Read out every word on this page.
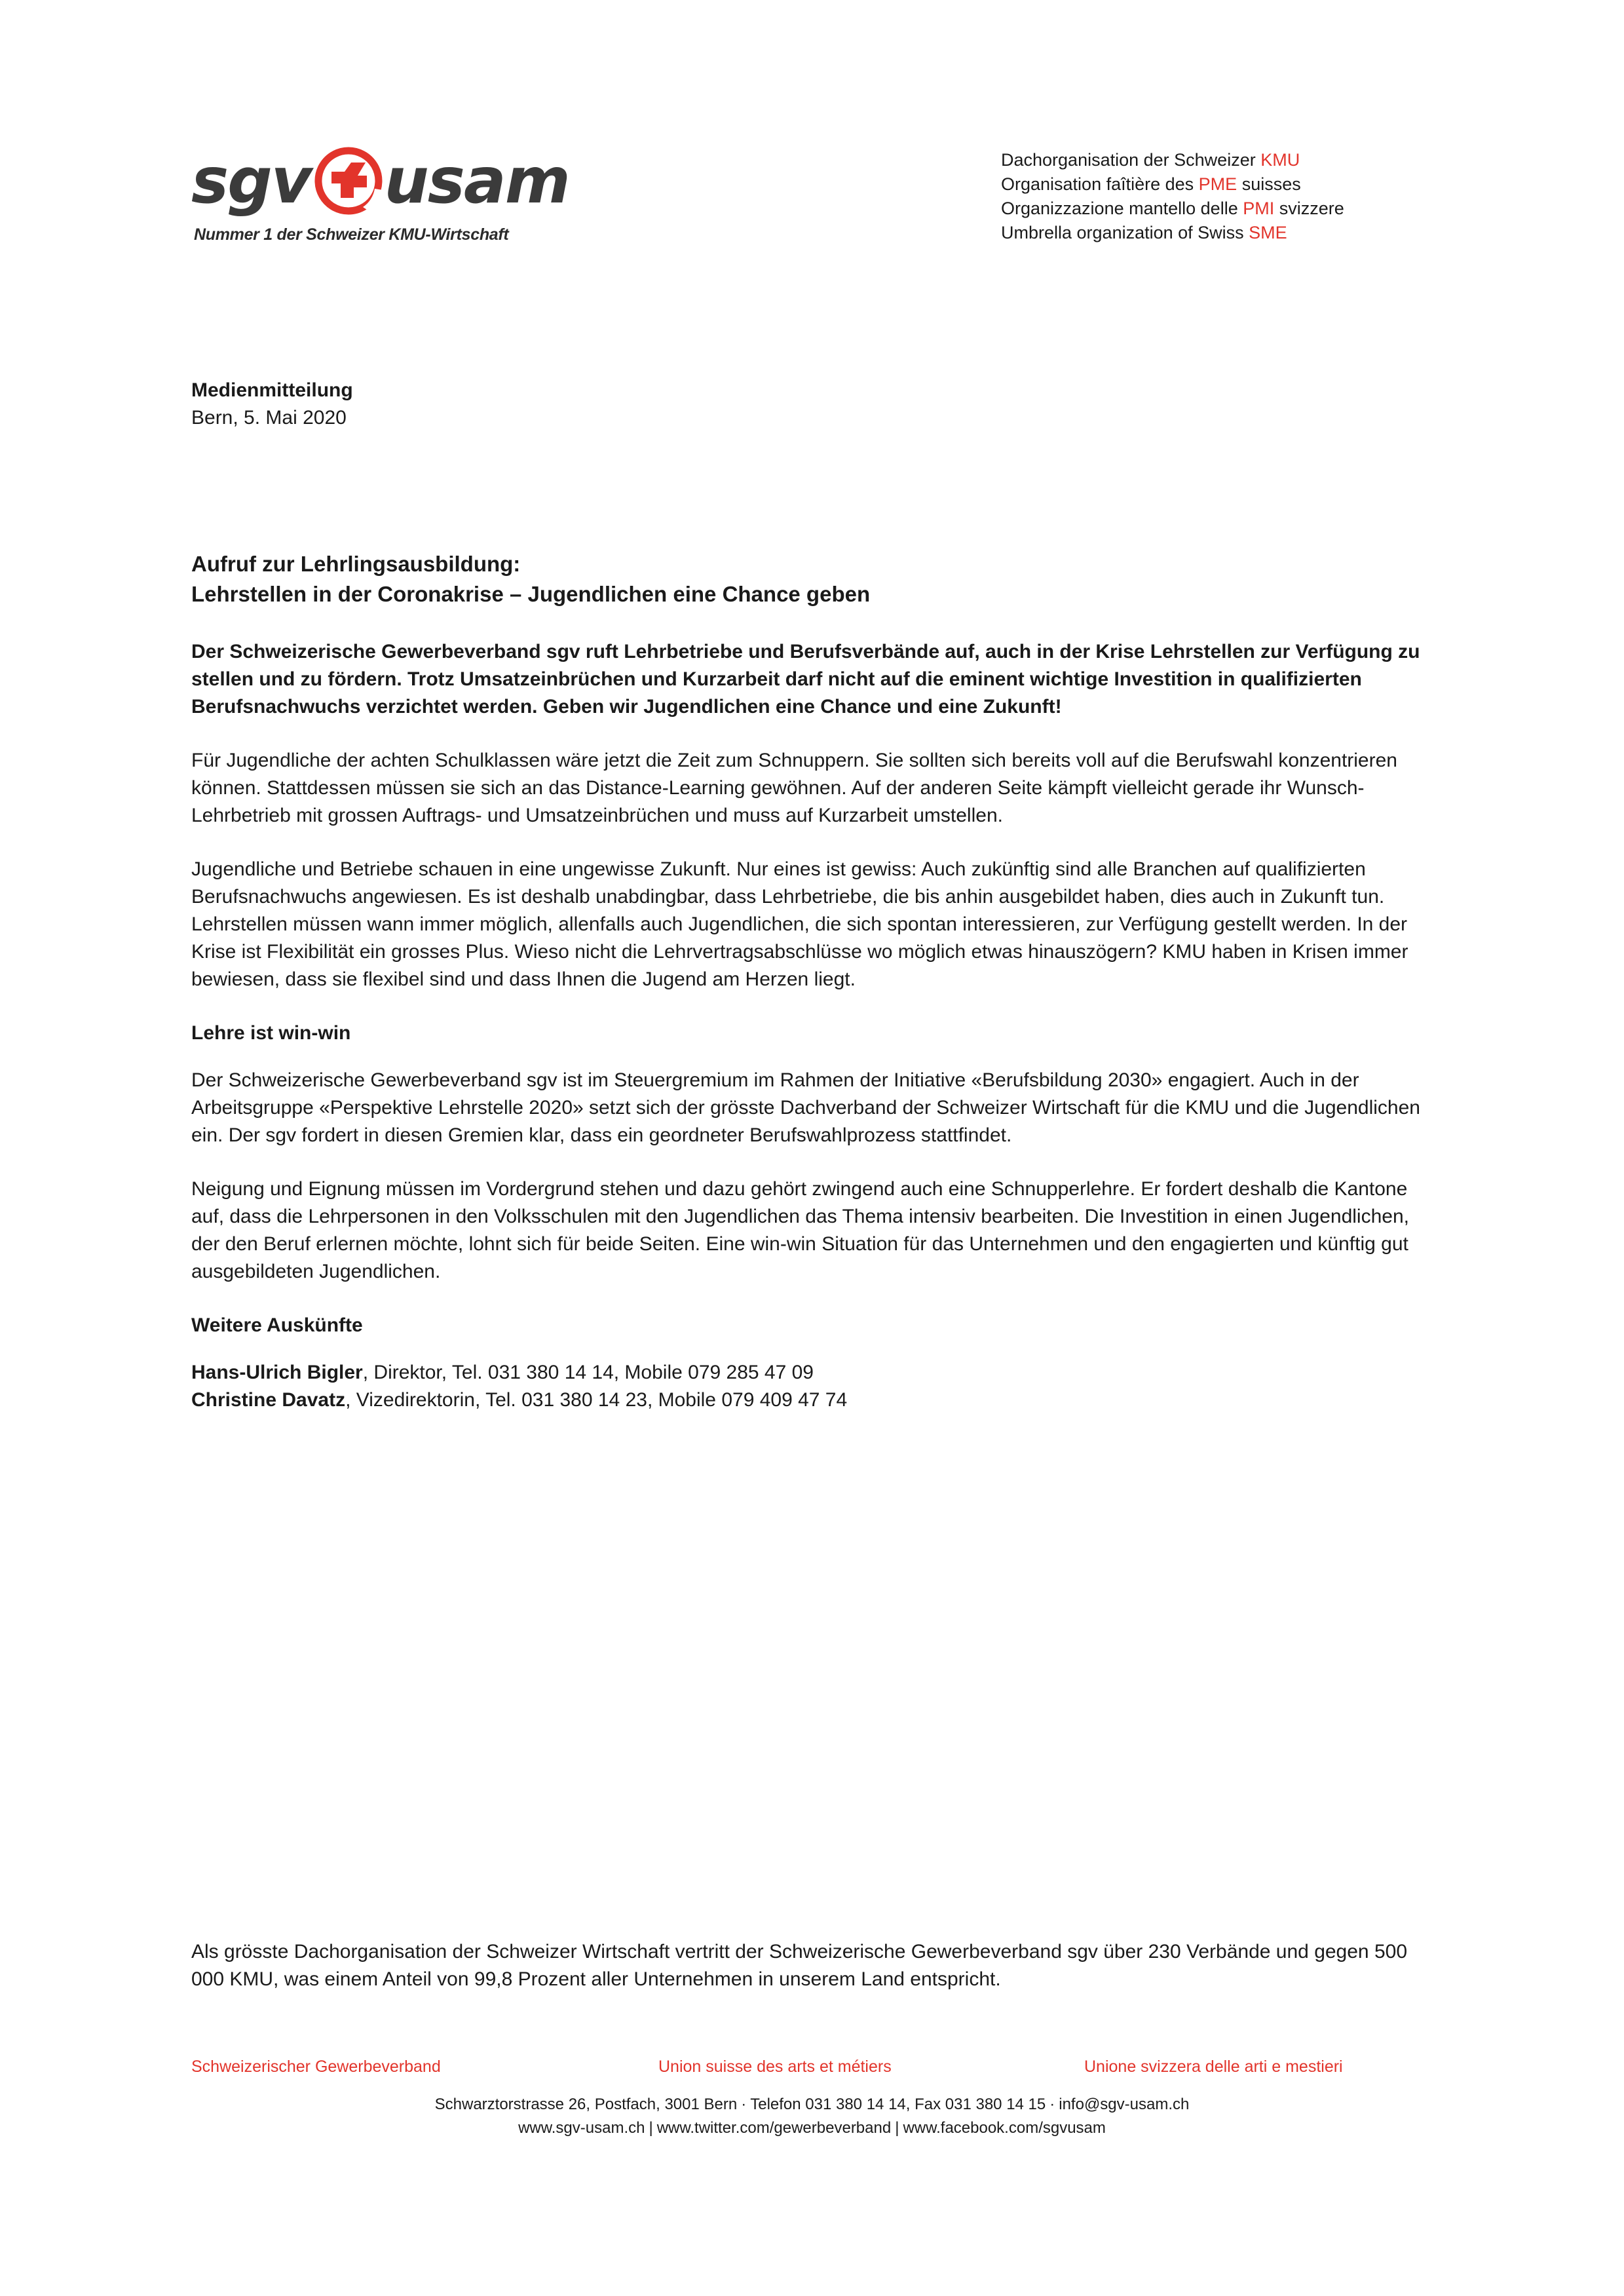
sgv usam
Nummer 1 der Schweizer KMU-Wirtschaft
Dachorganisation der Schweizer KMU
Organisation faîtière des PME suisses
Organizzazione mantello delle PMI svizzere
Umbrella organization of Swiss SME
Medienmitteilung
Bern, 5. Mai 2020
Aufruf zur Lehrlingsausbildung:
Lehrstellen in der Coronakrise – Jugendlichen eine Chance geben
Der Schweizerische Gewerbeverband sgv ruft Lehrbetriebe und Berufsverbände auf, auch in der Krise Lehrstellen zur Verfügung zu stellen und zu fördern. Trotz Umsatzeinbrüchen und Kurzarbeit darf nicht auf die eminent wichtige Investition in qualifizierten Berufsnachwuchs verzichtet werden. Geben wir Jugendlichen eine Chance und eine Zukunft!

Für Jugendliche der achten Schulklassen wäre jetzt die Zeit zum Schnuppern. Sie sollten sich bereits voll auf die Berufswahl konzentrieren können. Stattdessen müssen sie sich an das Distance-Learning gewöhnen. Auf der anderen Seite kämpft vielleicht gerade ihr Wunsch-Lehrbetrieb mit grossen Auftrags- und Umsatzeinbrüchen und muss auf Kurzarbeit umstellen.

Jugendliche und Betriebe schauen in eine ungewisse Zukunft. Nur eines ist gewiss: Auch zukünftig sind alle Branchen auf qualifizierten Berufsnachwuchs angewiesen. Es ist deshalb unabdingbar, dass Lehrbetriebe, die bis anhin ausgebildet haben, dies auch in Zukunft tun. Lehrstellen müssen wann immer möglich, allenfalls auch Jugendlichen, die sich spontan interessieren, zur Verfügung gestellt werden. In der Krise ist Flexibilität ein grosses Plus. Wieso nicht die Lehrvertragsabschlüsse wo möglich etwas hinauszögern? KMU haben in Krisen immer bewiesen, dass sie flexibel sind und dass Ihnen die Jugend am Herzen liegt.

Lehre ist win-win

Der Schweizerische Gewerbeverband sgv ist im Steuergremium im Rahmen der Initiative «Berufsbildung 2030» engagiert. Auch in der Arbeitsgruppe «Perspektive Lehrstelle 2020» setzt sich der grösste Dachverband der Schweizer Wirtschaft für die KMU und die Jugendlichen ein. Der sgv fordert in diesen Gremien klar, dass ein geordneter Berufswahlprozess stattfindet.

Neigung und Eignung müssen im Vordergrund stehen und dazu gehört zwingend auch eine Schnupperlehre. Er fordert deshalb die Kantone auf, dass die Lehrpersonen in den Volksschulen mit den Jugendlichen das Thema intensiv bearbeiten. Die Investition in einen Jugendlichen, der den Beruf erlernen möchte, lohnt sich für beide Seiten. Eine win-win Situation für das Unternehmen und den engagierten und künftig gut ausgebildeten Jugendlichen.

Weitere Auskünfte

Hans-Ulrich Bigler, Direktor, Tel. 031 380 14 14, Mobile 079 285 47 09

Christine Davatz, Vizedirektorin, Tel. 031 380 14 23, Mobile 079 409 47 74

Als grösste Dachorganisation der Schweizer Wirtschaft vertritt der Schweizerische Gewerbeverband sgv über 230 Verbände und gegen 500 000 KMU, was einem Anteil von 99,8 Prozent aller Unternehmen in unserem Land entspricht.
Schweizerischer Gewerbeverband	Union suisse des arts et métiers	Unione svizzera delle arti e mestieri
Schwarztorstrasse 26, Postfach, 3001 Bern · Telefon 031 380 14 14, Fax 031 380 14 15 · info@sgv-usam.ch
www.sgv-usam.ch | www.twitter.com/gewerbeverband | www.facebook.com/sgvusam
